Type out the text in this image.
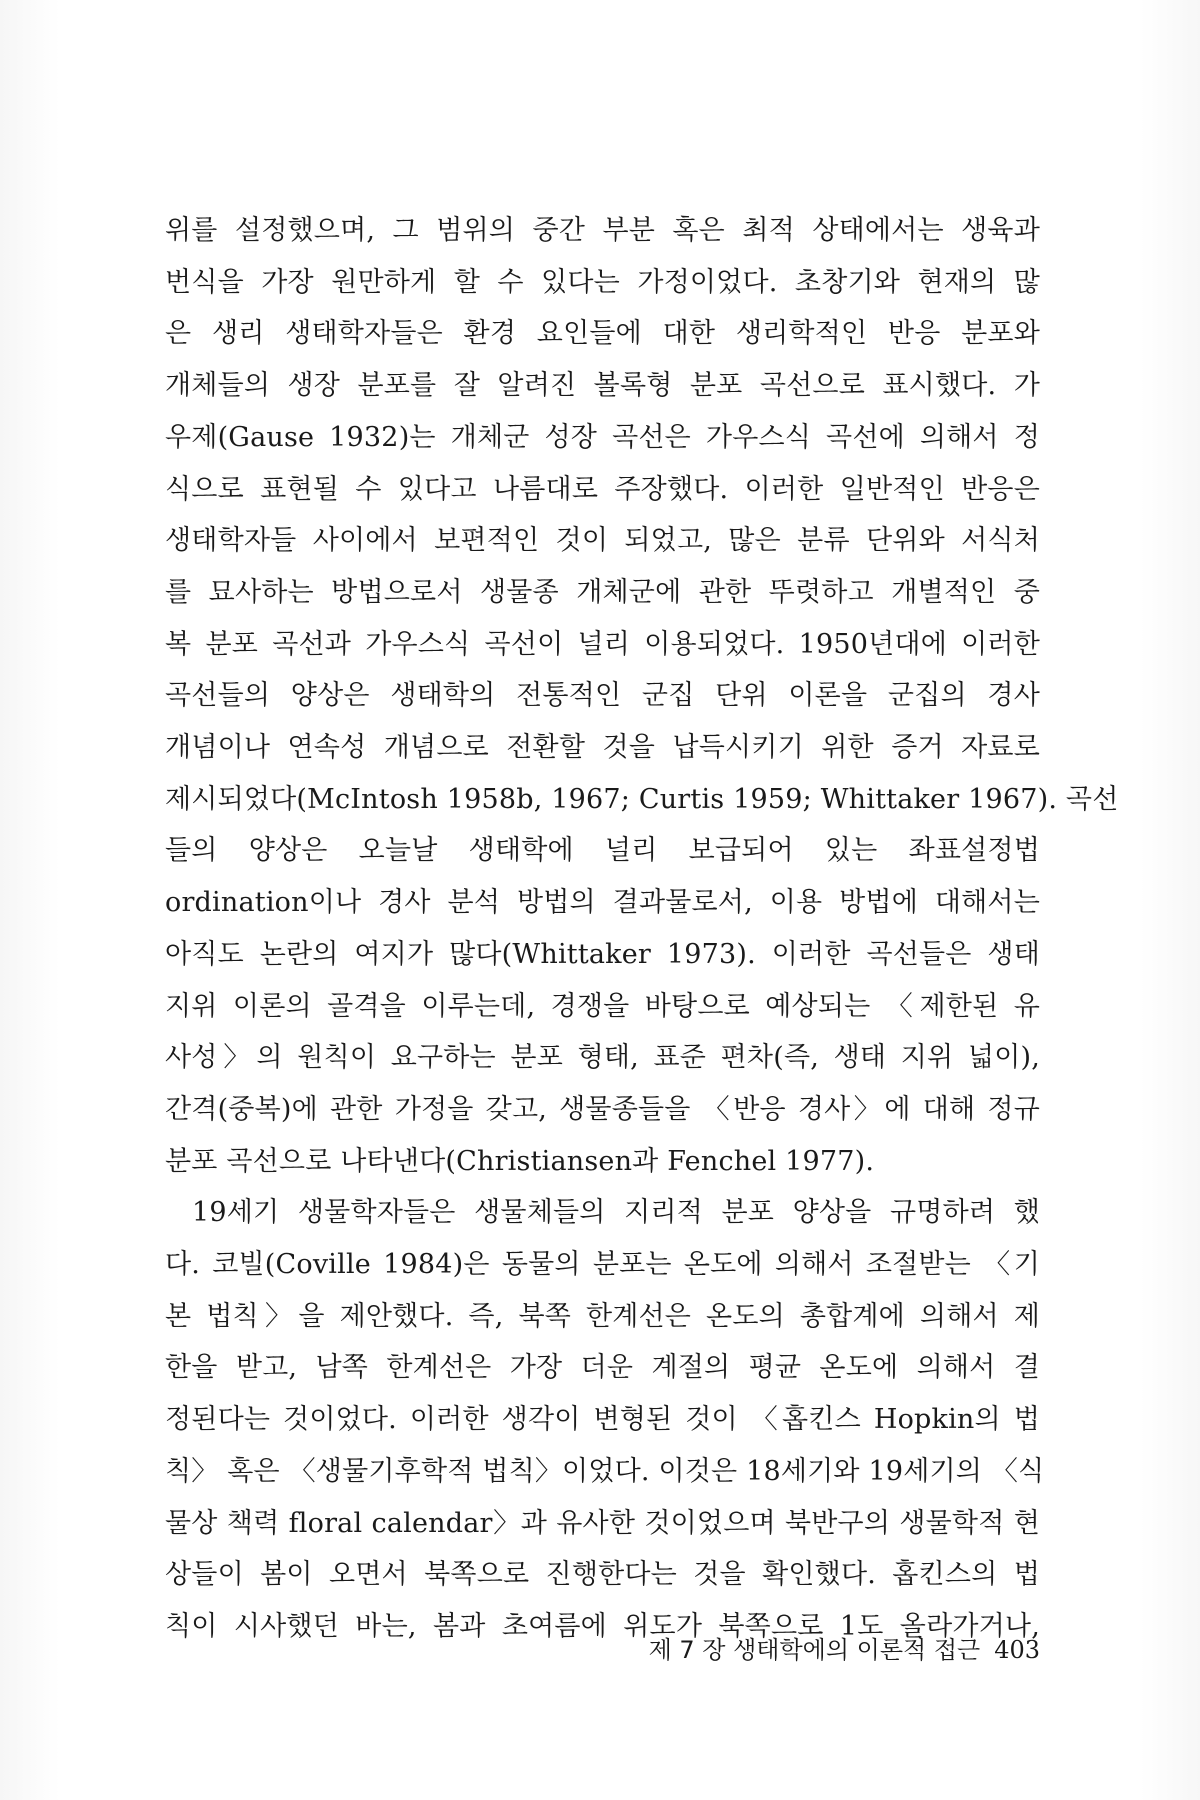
위를 설정했으며, 그 범위의 중간 부분 혹은 최적 상태에서는 생육과
번식을 가장 원만하게 할 수 있다는 가정이었다. 초창기와 현재의 많
은 생리 생태학자들은 환경 요인들에 대한 생리학적인 반응 분포와
개체들의 생장 분포를 잘 알려진 볼록형 분포 곡선으로 표시했다. 가
우제(Gause 1932)는 개체군 성장 곡선은 가우스식 곡선에 의해서 정
식으로 표현될 수 있다고 나름대로 주장했다. 이러한 일반적인 반응은
생태학자들 사이에서 보편적인 것이 되었고, 많은 분류 단위와 서식처
를 묘사하는 방법으로서 생물종 개체군에 관한 뚜렷하고 개별적인 중
복 분포 곡선과 가우스식 곡선이 널리 이용되었다. 1950년대에 이러한
곡선들의 양상은 생태학의 전통적인 군집 단위 이론을 군집의 경사
개념이나 연속성 개념으로 전환할 것을 납득시키기 위한 증거 자료로
제시되었다(McIntosh 1958b, 1967; Curtis 1959; Whittaker 1967). 곡선
들의 양상은 오늘날 생태학에 널리 보급되어 있는 좌표설정법
ordination이나 경사 분석 방법의 결과물로서, 이용 방법에 대해서는
아직도 논란의 여지가 많다(Whittaker 1973). 이러한 곡선들은 생태
지위 이론의 골격을 이루는데, 경쟁을 바탕으로 예상되는 〈제한된 유
사성〉의 원칙이 요구하는 분포 형태, 표준 편차(즉, 생태 지위 넓이),
간격(중복)에 관한 가정을 갖고, 생물종들을 〈반응 경사〉에 대해 정규
분포 곡선으로 나타낸다(Christiansen과 Fenchel 1977).

19세기 생물학자들은 생물체들의 지리적 분포 양상을 규명하려 했
다. 코빌(Coville 1984)은 동물의 분포는 온도에 의해서 조절받는 〈기
본 법칙〉을 제안했다. 즉, 북쪽 한계선은 온도의 총합계에 의해서 제
한을 받고, 남쪽 한계선은 가장 더운 계절의 평균 온도에 의해서 결
정된다는 것이었다. 이러한 생각이 변형된 것이 〈홉킨스 Hopkin의 법
칙〉 혹은 〈생물기후학적 법칙〉이었다. 이것은 18세기와 19세기의 〈식
물상 책력 floral calendar〉과 유사한 것이었으며 북반구의 생물학적 현
상들이 봄이 오면서 북쪽으로 진행한다는 것을 확인했다. 홉킨스의 법
칙이 시사했던 바는, 봄과 초여름에 위도가 북쪽으로 1도 올라가거나,

제 7 장 생태학에의 이론적 접근 403
